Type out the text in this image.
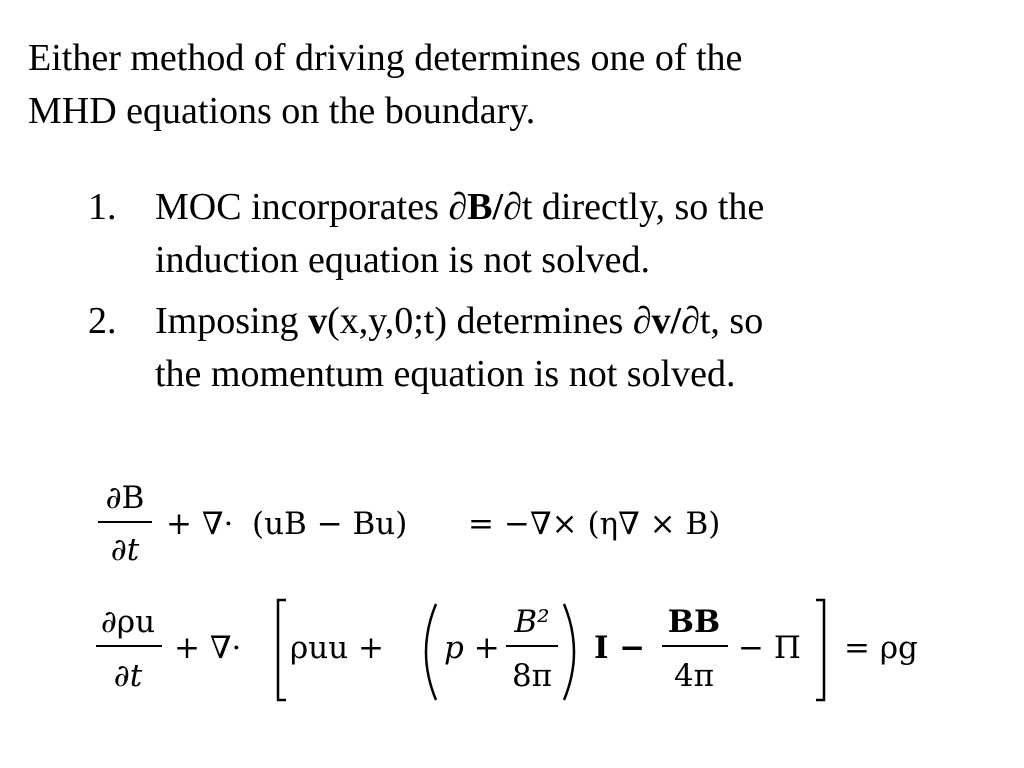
Either method of driving determines one of the
MHD equations on the boundary.
1. MOC incorporates ∂B/∂t directly, so the
induction equation is not solved.
2. Imposing v(x,y,0;t) determines ∂v/∂t, so
the momentum equation is not solved.
∂B
∂t
+ ∇· (uB − Bu) = −∇× (η∇ × B)
∂ρu
∂t
+ ∇· ρuu + p +
B²
8π
I −
BB
4π
− Π = ρg
